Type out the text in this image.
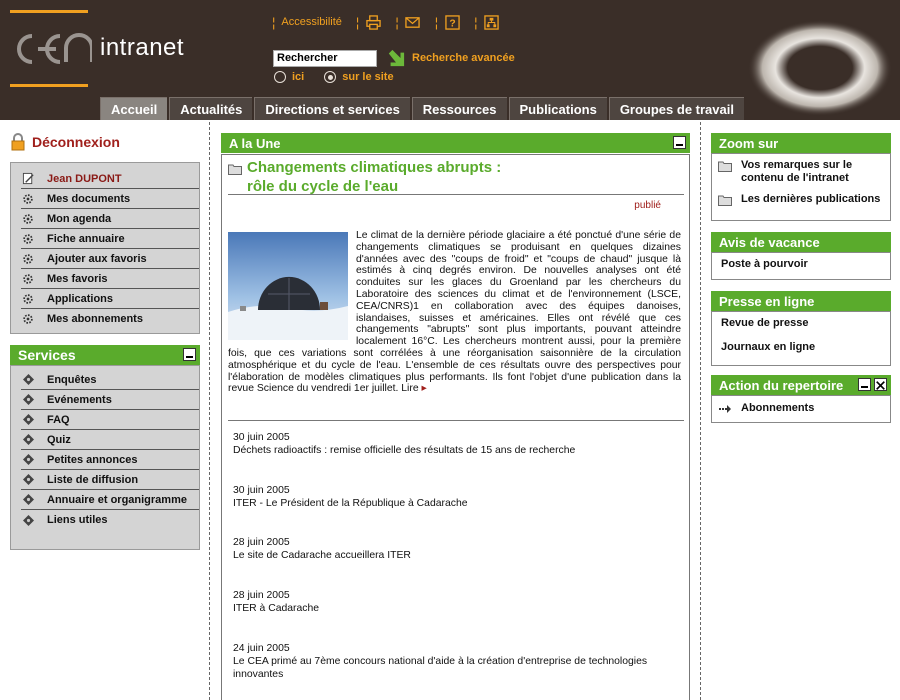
cea
intranet
¦ Accessibilité ¦	¦	¦ ? ¦
Rechercher
Recherche avancée
ici	sur le site
Accueil	Actualités	Directions et services	Ressources	Publications	Groupes de travail
Déconnexion
Jean DUPONT
Mes documents
Mon agenda
Fiche annuaire
Ajouter aux favoris
Mes favoris
Applications
Mes abonnements
Services
Enquêtes
Evénements
FAQ
Quiz
Petites annonces
Liste de diffusion
Annuaire et organigramme
Liens utiles
A la Une
Changements climatiques abrupts :
rôle du cycle de l'eau
publié
Le climat de la dernière période glaciaire a été ponctué d'une série de changements climatiques se produisant en quelques dizaines d'années avec des "coups de froid" et "coups de chaud" jusque là estimés à cinq degrés environ. De nouvelles analyses ont été conduites sur les glaces du Groenland par les chercheurs du Laboratoire des sciences du climat et de l'environnement (LSCE, CEA/CNRS)1 en collaboration avec des équipes danoises, islandaises, suisses et américaines. Elles ont révélé que ces changements "abrupts" sont plus importants, pouvant atteindre localement 16°C. Les chercheurs montrent aussi, pour la première fois, que ces variations sont corrélées à une réorganisation saisonnière de la circulation atmosphérique et du cycle de l'eau. L'ensemble de ces résultats ouvre des perspectives pour l'élaboration de modèles climatiques plus performants. Ils font l'objet d'une publication dans la revue Science du vendredi 1er juillet. Lire ▸
30 juin 2005
Déchets radioactifs : remise officielle des résultats de 15 ans de recherche
30 juin 2005
ITER - Le Président de la République à Cadarache
28 juin 2005
Le site de Cadarache accueillera ITER
28 juin 2005
ITER à Cadarache
24 juin 2005
Le CEA primé au 7ème concours national d'aide à la création d'entreprise de technologies innovantes
Zoom sur
Vos remarques sur le contenu de l'intranet
Les dernières publications
Avis de vacance
Poste à pourvoir
Presse en ligne
Revue de presse
Journaux en ligne
Action du repertoire
Abonnements
